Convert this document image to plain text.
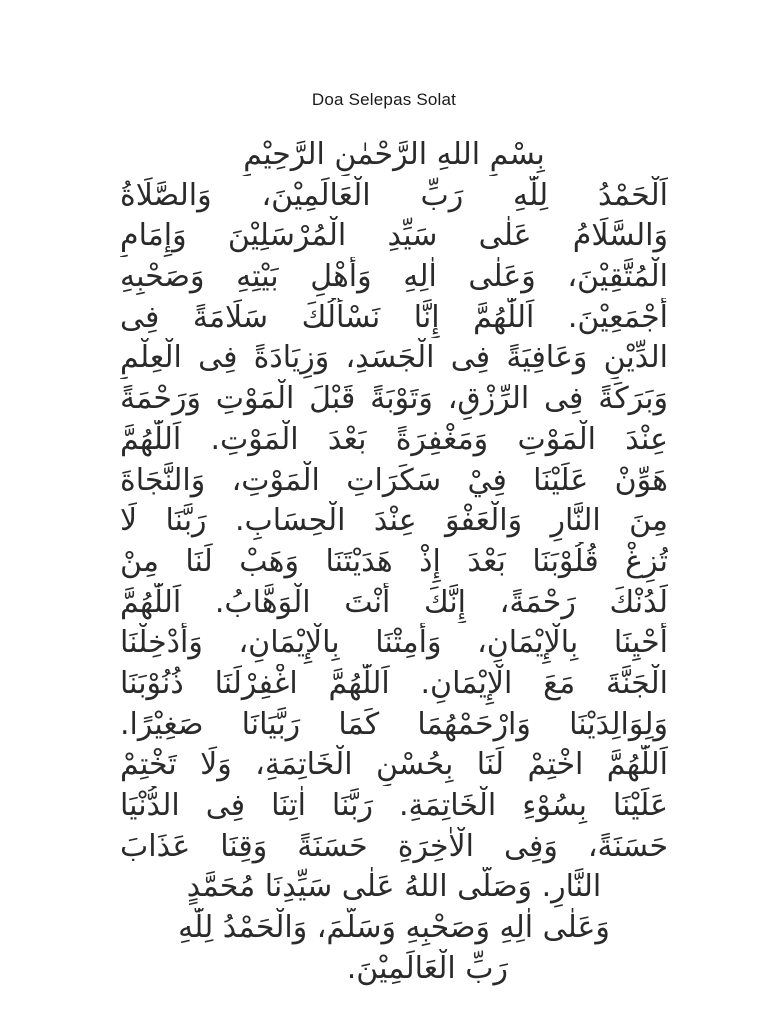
Doa Selepas Solat
بِسْمِ اللهِ الرَّحْمٰنِ الرَّحِيْمِ
اَلْحَمْدُ لِلّٰهِ رَبِّ الْعَالَمِيْنَ، وَالصَّلَاةُ
وَالسَّلَامُ عَلٰى سَيِّدِ الْمُرْسَلِيْنَ وَإِمَامِ
الْمُتَّقِيْنَ، وَعَلٰى اٰلِهِ وَأَهْلِ بَيْتِهِ وَصَحْبِهِ
أَجْمَعِيْنَ. اَللّٰهُمَّ إِنَّا نَسْأَلُكَ سَلَامَةً فِى
الدِّيْنِ وَعَافِيَةً فِى الْجَسَدِ، وَزِيَادَةً فِى الْعِلْمِ
وَبَرَكَةً فِى الرِّزْقِ، وَتَوْبَةً قَبْلَ الْمَوْتِ وَرَحْمَةً
عِنْدَ الْمَوْتِ وَمَغْفِرَةً بَعْدَ الْمَوْتِ. اَللّٰهُمَّ
هَوِّنْ عَلَيْنَا فِيْ سَكَرَاتِ الْمَوْتِ، وَالنَّجَاةَ
مِنَ النَّارِ وَالْعَفْوَ عِنْدَ الْحِسَابِ. رَبَّنَا لَا
تُزِغْ قُلُوْبَنَا بَعْدَ إِذْ هَدَيْتَنَا وَهَبْ لَنَا مِنْ
لَدُنْكَ رَحْمَةً، إِنَّكَ أَنْتَ الْوَهَّابُ. اَللّٰهُمَّ
أَحْيِنَا بِالْإِيْمَانِ، وَأَمِتْنَا بِالْإِيْمَانِ، وَأَدْخِلْنَا
الْجَنَّةَ مَعَ الْإِيْمَانِ. اَللّٰهُمَّ اغْفِرْلَنَا ذُنُوْبَنَا
وَلِوَالِدَيْنَا وَارْحَمْهُمَا كَمَا رَبَّيَانَا صَغِيْرًا.
اَللّٰهُمَّ اخْتِمْ لَنَا بِحُسْنِ الْخَاتِمَةِ، وَلَا تَخْتِمْ
عَلَيْنَا بِسُوْءِ الْخَاتِمَةِ. رَبَّنَا اٰتِنَا فِى الدُّنْيَا
حَسَنَةً، وَفِى الْاٰخِرَةِ حَسَنَةً وَقِنَا عَذَابَ
النَّارِ. وَصَلَّى اللهُ عَلٰى سَيِّدِنَا مُحَمَّدٍ
وَعَلٰى اٰلِهِ وَصَحْبِهِ وَسَلَّمَ، وَالْحَمْدُ لِلّٰهِ
رَبِّ الْعَالَمِيْنَ.
